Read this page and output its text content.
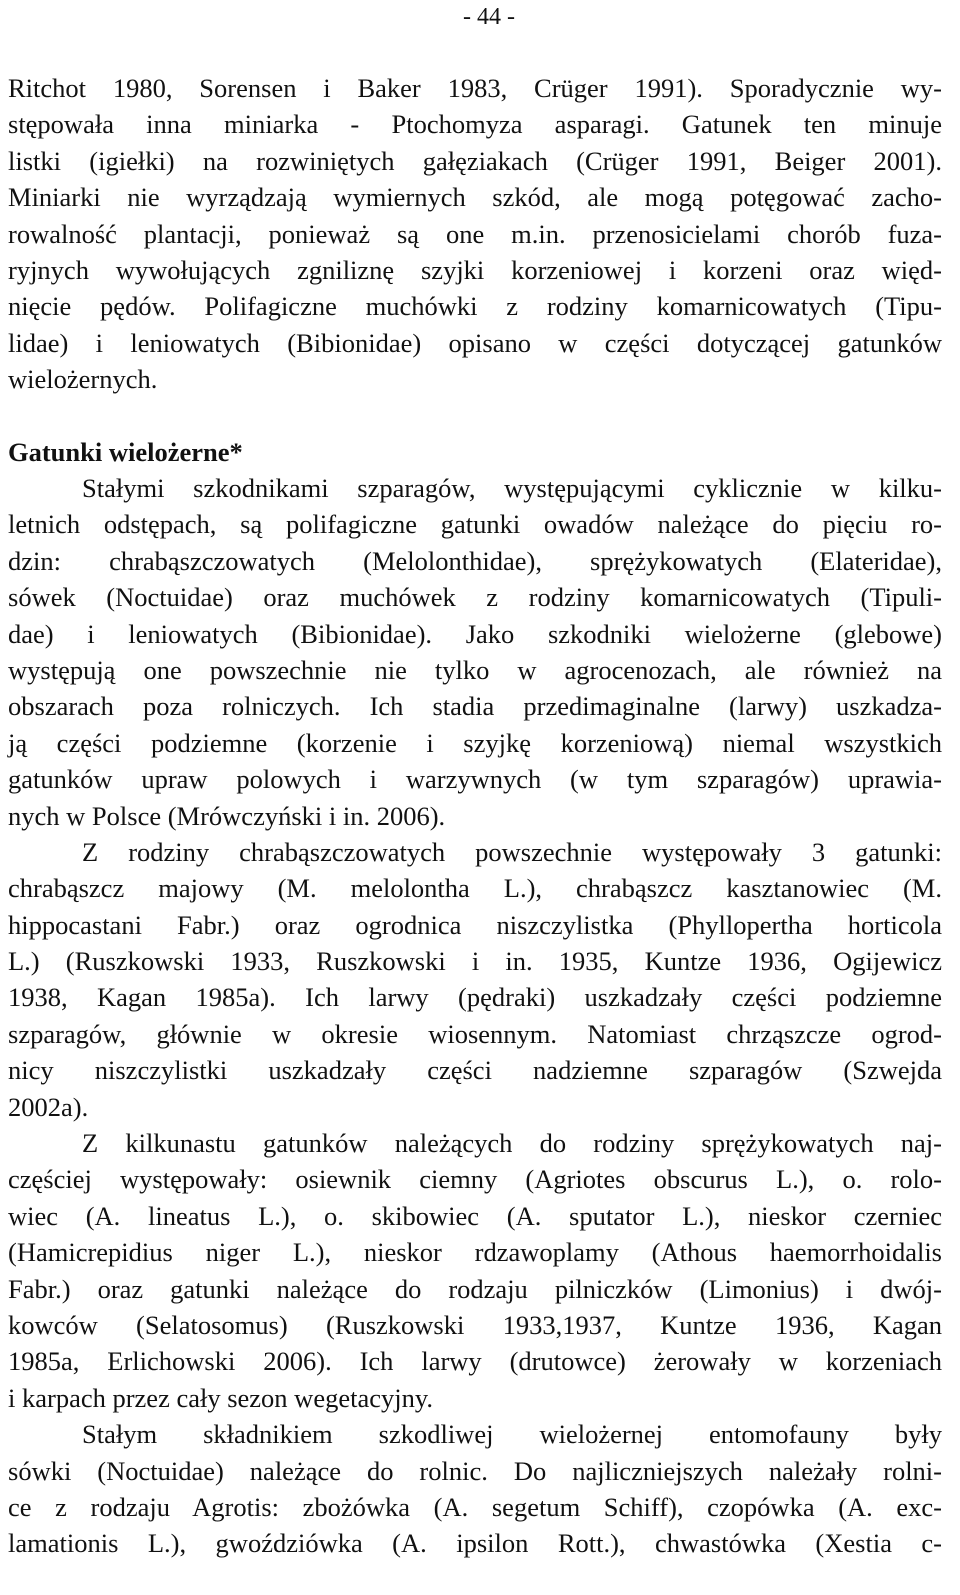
- 44 -
Ritchot 1980, Sorensen i Baker 1983, Crüger 1991). Sporadycznie wy-
stępowała inna miniarka - Ptochomyza asparagi. Gatunek ten minuje
listki (igiełki) na rozwiniętych gałęziakach (Crüger 1991, Beiger 2001).
Miniarki nie wyrządzają wymiernych szkód, ale mogą potęgować zacho-
rowalność plantacji, ponieważ są one m.in. przenosicielami chorób fuza-
ryjnych wywołujących zgniliznę szyjki korzeniowej i korzeni oraz więd-
nięcie pędów. Polifagiczne muchówki z rodziny komarnicowatych (Tipu-
lidae) i leniowatych (Bibionidae) opisano w części dotyczącej gatunków
wielożernych.
Gatunki wielożerne*
Stałymi szkodnikami szparagów, występującymi cyklicznie w kilku-
letnich odstępach, są polifagiczne gatunki owadów należące do pięciu ro-
dzin: chrabąszczowatych (Melolonthidae), sprężykowatych (Elateridae),
sówek (Noctuidae) oraz muchówek z rodziny komarnicowatych (Tipuli-
dae) i leniowatych (Bibionidae). Jako szkodniki wielożerne (glebowe)
występują one powszechnie nie tylko w agrocenozach, ale również na
obszarach poza rolniczych. Ich stadia przedimaginalne (larwy) uszkadza-
ją części podziemne (korzenie i szyjkę korzeniową) niemal wszystkich
gatunków upraw polowych i warzywnych (w tym szparagów) uprawia-
nych w Polsce (Mrówczyński i in. 2006).
Z rodziny chrabąszczowatych powszechnie występowały 3 gatunki:
chrabąszcz majowy (M. melolontha L.), chrabąszcz kasztanowiec (M.
hippocastani Fabr.) oraz ogrodnica niszczylistka (Phyllopertha horticola
L.) (Ruszkowski 1933, Ruszkowski i in. 1935, Kuntze 1936, Ogijewicz
1938, Kagan 1985a). Ich larwy (pędraki) uszkadzały części podziemne
szparagów, głównie w okresie wiosennym. Natomiast chrząszcze ogrod-
nicy niszczylistki uszkadzały części nadziemne szparagów (Szwejda
2002a).
Z kilkunastu gatunków należących do rodziny sprężykowatych naj-
częściej występowały: osiewnik ciemny (Agriotes obscurus L.), o. rolo-
wiec (A. lineatus L.), o. skibowiec (A. sputator L.), nieskor czerniec
(Hamicrepidius niger L.), nieskor rdzawoplamy (Athous haemorrhoidalis
Fabr.) oraz gatunki należące do rodzaju pilniczków (Limonius) i dwój-
kowców (Selatosomus) (Ruszkowski 1933,1937, Kuntze 1936, Kagan
1985a, Erlichowski 2006). Ich larwy (drutowce) żerowały w korzeniach
i karpach przez cały sezon wegetacyjny.
Stałym składnikiem szkodliwej wielożernej entomofauny były
sówki (Noctuidae) należące do rolnic. Do najliczniejszych należały rolni-
ce z rodzaju Agrotis: zbożówka (A. segetum Schiff), czopówka (A. exc-
lamationis L.), gwoździówka (A. ipsilon Rott.), chwastówka (Xestia c-
